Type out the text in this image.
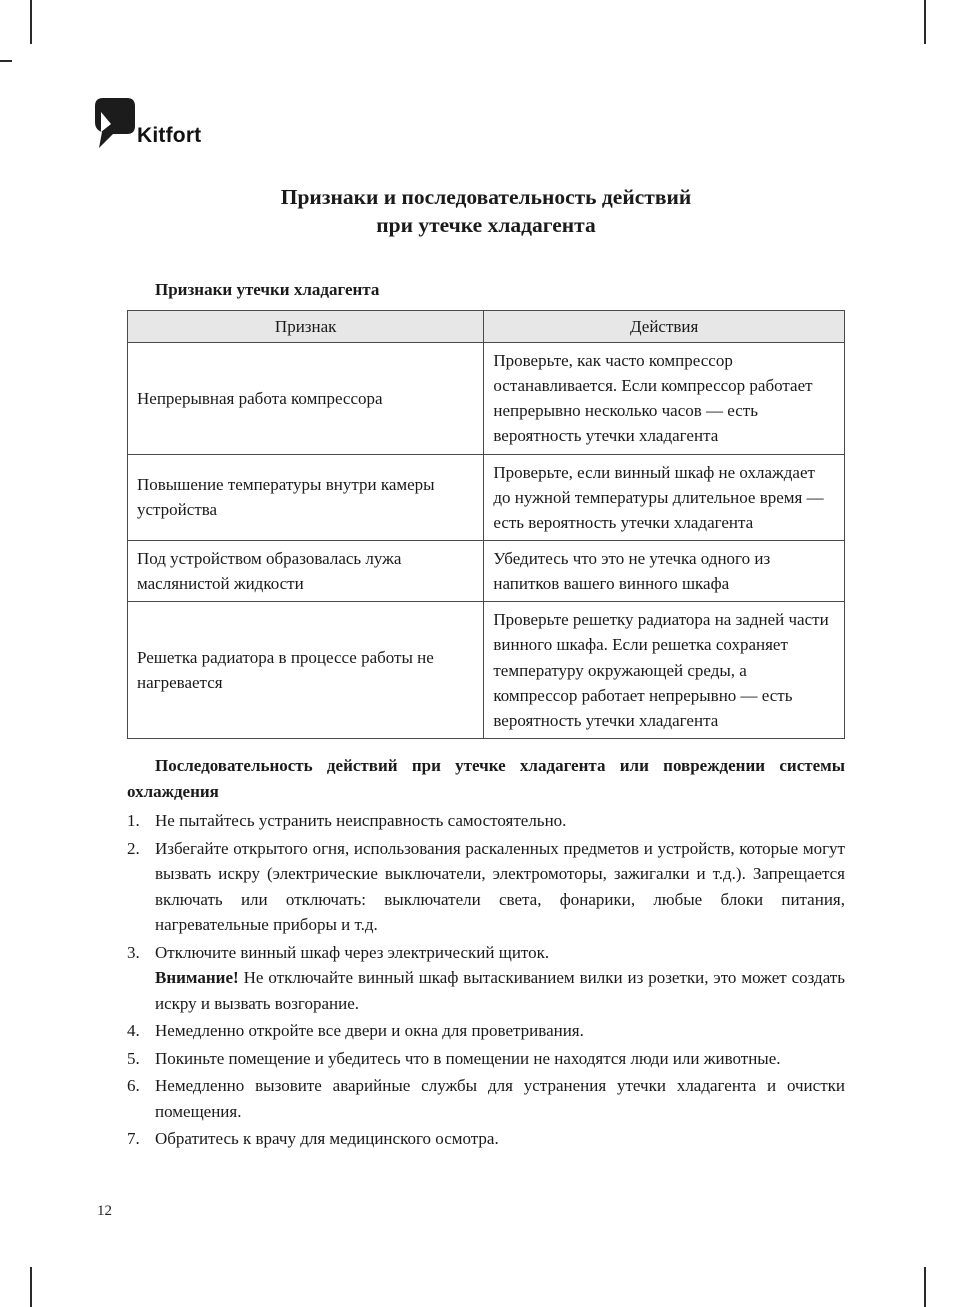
Kitfort
Признаки и последовательность действий
при утечке хладагента
Признаки утечки хладагента
Признак	Действия
Непрерывная работа компрессора	Проверьте, как часто компрессор останавливается. Если компрессор работает непрерывно несколько часов — есть вероятность утечки хладагента
Повышение температуры внутри камеры устройства	Проверьте, если винный шкаф не охлаждает до нужной температуры длительное время — есть вероятность утечки хладагента
Под устройством образовалась лужа маслянистой жидкости	Убедитесь что это не утечка одного из напитков вашего винного шкафа
Решетка радиатора в процессе работы не нагревается	Проверьте решетку радиатора на задней части винного шкафа. Если решетка сохраняет температуру окружающей среды, а компрессор работает непрерывно — есть вероятность утечки хладагента
Последовательность действий при утечке хладагента или повреждении системы охлаждения
1. Не пытайтесь устранить неисправность самостоятельно.
2. Избегайте открытого огня, использования раскаленных предметов и устройств, которые могут вызвать искру (электрические выключатели, электромоторы, зажигалки и т.д.). Запрещается включать или отключать: выключатели света, фонарики, любые блоки питания, нагревательные приборы и т.д.
3. Отключите винный шкаф через электрический щиток.
Внимание! Не отключайте винный шкаф вытаскиванием вилки из розетки, это может создать искру и вызвать возгорание.
4. Немедленно откройте все двери и окна для проветривания.
5. Покиньте помещение и убедитесь что в помещении не находятся люди или животные.
6. Немедленно вызовите аварийные службы для устранения утечки хладагента и очистки помещения.
7. Обратитесь к врачу для медицинского осмотра.
12
